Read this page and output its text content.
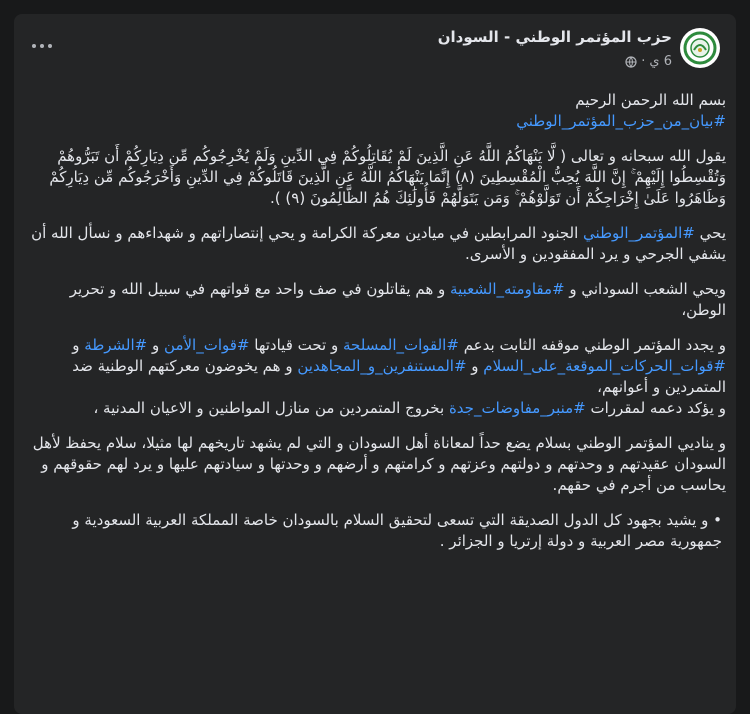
حزب المؤتمر الوطني - السودان
6 ي
·

بسم الله الرحمن الرحيم

#بيان_من_حزب_المؤتمر_الوطني

يقول الله سبحانه و تعالى ( لَّا يَنْهَاكُمُ اللَّهُ عَنِ الَّذِينَ لَمْ يُقَاتِلُوكُمْ فِي الدِّينِ وَلَمْ يُخْرِجُوكُم مِّن دِيَارِكُمْ أَن تَبَرُّوهُمْ وَتُقْسِطُوا إِلَيْهِمْ ۚ إِنَّ اللَّهَ يُحِبُّ الْمُقْسِطِينَ (٨) إِنَّمَا يَنْهَاكُمُ اللَّهُ عَنِ الَّذِينَ قَاتَلُوكُمْ فِي الدِّينِ وَأَخْرَجُوكُم مِّن دِيَارِكُمْ وَظَاهَرُوا عَلَىٰ إِخْرَاجِكُمْ أَن تَوَلَّوْهُمْ ۚ وَمَن يَتَوَلَّهُمْ فَأُولَٰئِكَ هُمُ الظَّالِمُونَ (٩) ).

يحي #المؤتمر_الوطني الجنود المرابطين في ميادين معركة الكرامة و يحي إنتصاراتهم و شهداءهم و نسأل الله أن يشفي الجرحي و يرد المفقودين و الأسرى.

ويحي الشعب السوداني و #مقاومته_الشعبية و هم يقاتلون في صف واحد مع قواتهم في سبيل الله و تحرير الوطن،

و يجدد المؤتمر الوطني موقفه الثابت بدعم #القوات_المسلحة و تحت قيادتها #قوات_الأمن و #الشرطة و #قوات_الحركات_الموقعة_على_السلام و #المستنفرين_و_المجاهدين و هم يخوضون معركتهم الوطنية ضد المتمردين و أعوانهم،

و يؤكد دعمه لمقررات #منبر_مفاوضات_جدة بخروج المتمردين من منازل المواطنين و الاعيان المدنية ،

و يناديي المؤتمر الوطني بسلام يضع حداً لمعاناة أهل السودان و التي لم يشهد تاريخهم لها مثيلا، سلام يحفظ لأهل السودان عقيدتهم و وحدتهم و دولتهم وعزتهم و كرامتهم و أرضهم و وحدتها و سيادتهم عليها و يرد لهم حقوقهم و يحاسب من أجرم في حقهم.

• و يشيد بجهود كل الدول الصديقة التي تسعى لتحقيق السلام بالسودان خاصة المملكة العربية السعودية و جمهورية مصر العربية و دولة إرتريا و الجزائر .
